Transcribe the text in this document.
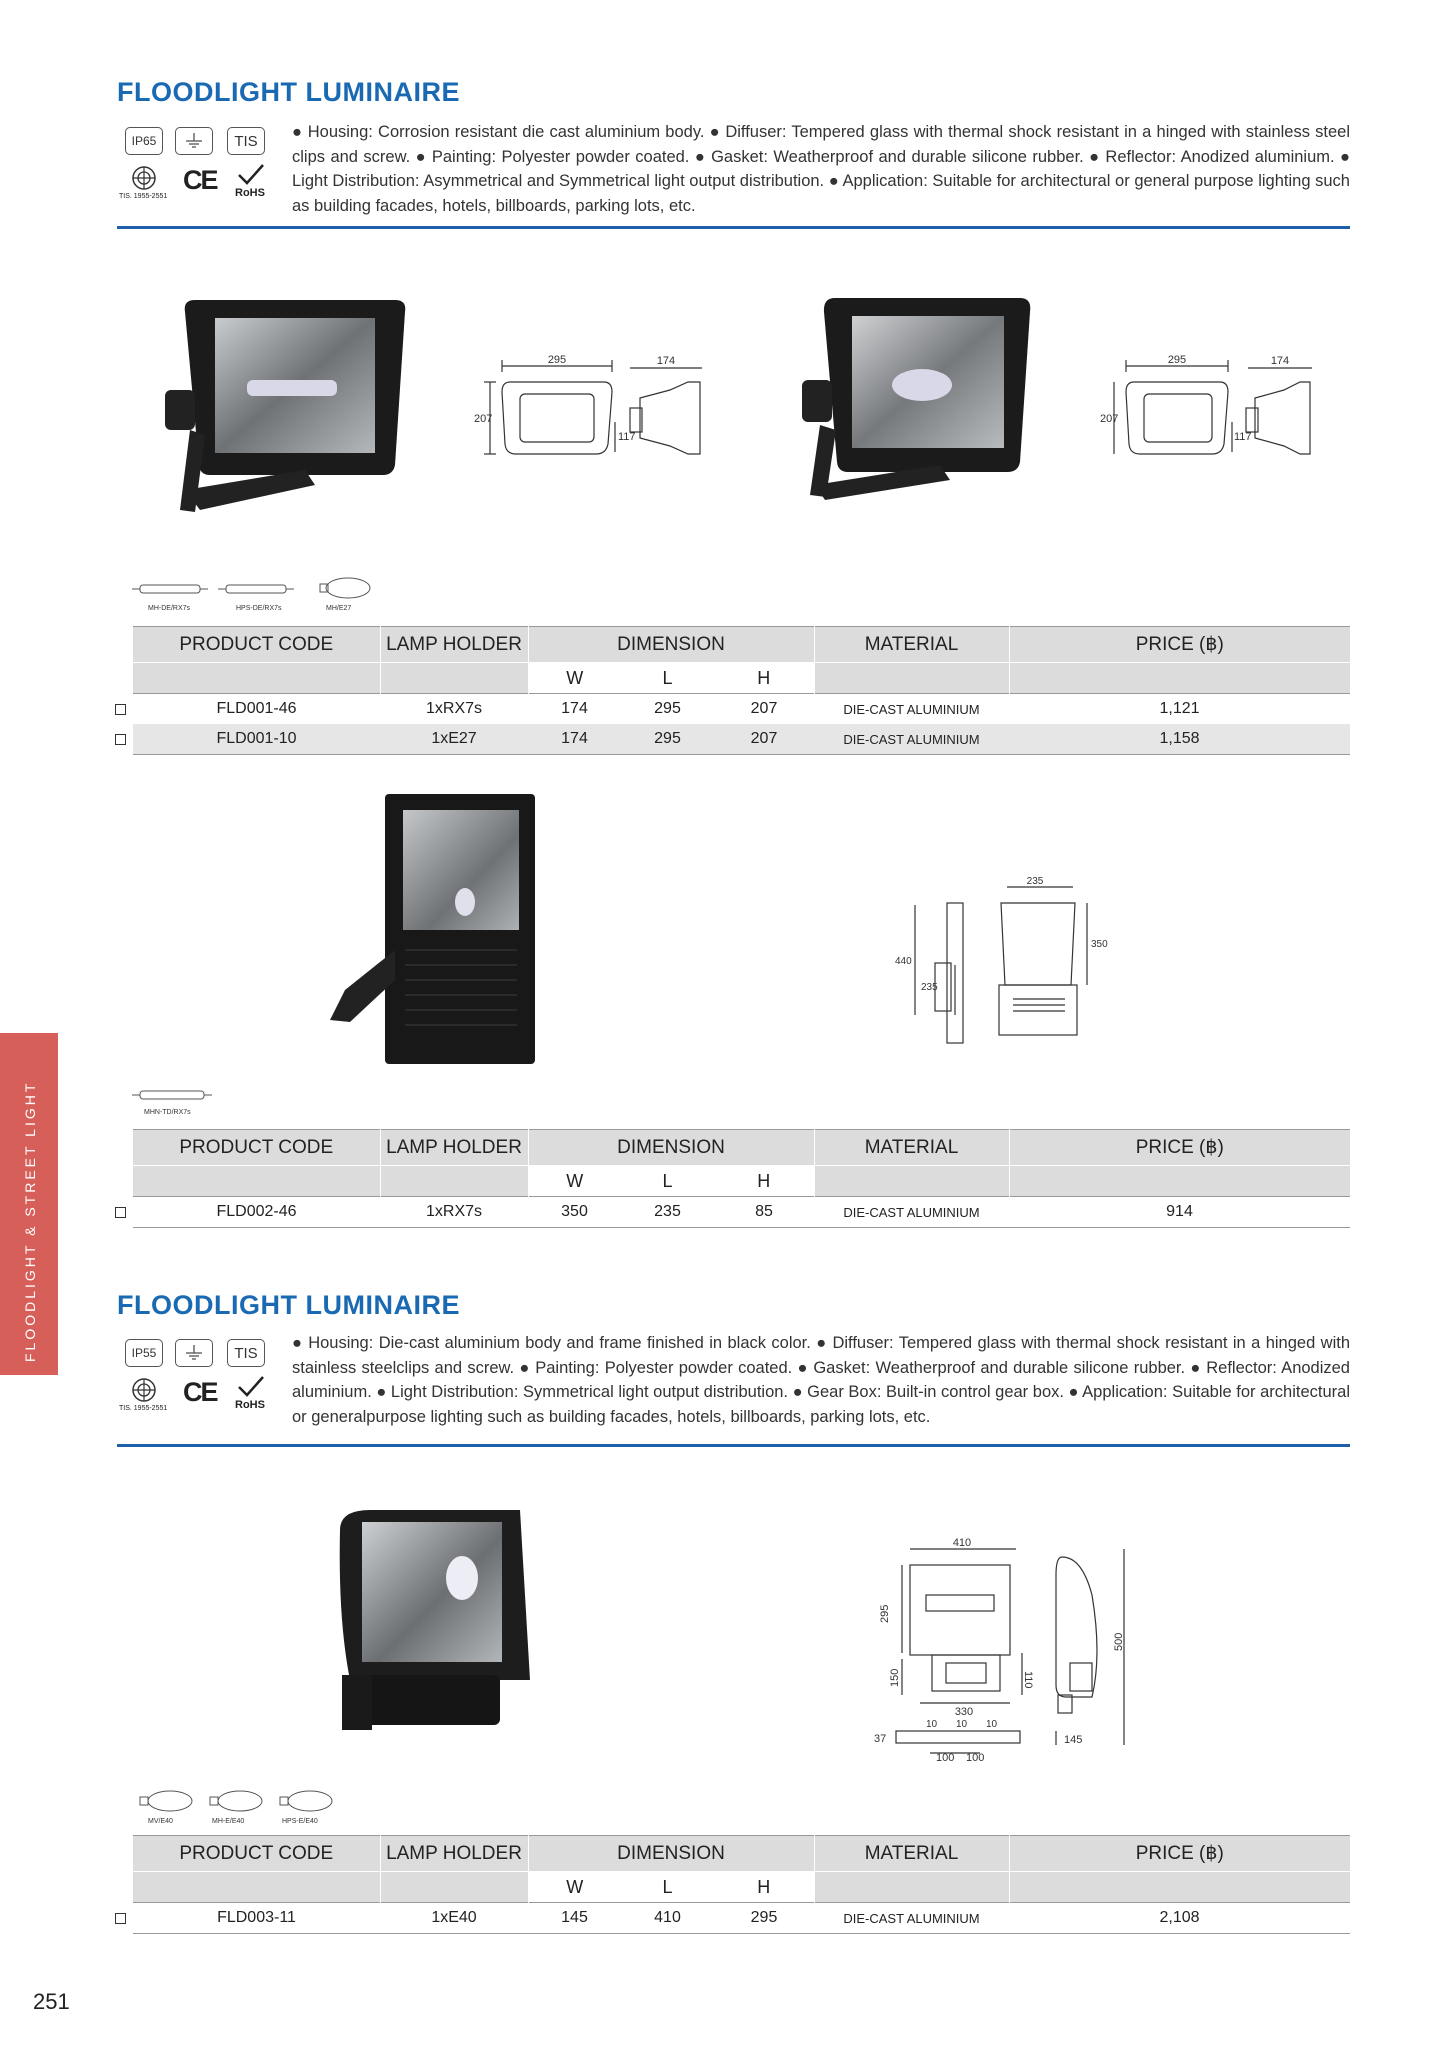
FLOODLIGHT & STREET LIGHT
FLOODLIGHT LUMINAIRE
IP65	TIS
TIS. 1955-2551
CE RoHS
● Housing: Corrosion resistant die cast aluminium body. ● Diffuser: Tempered glass with thermal shock resistant in a hinged with stainless steel clips and screw. ● Painting: Polyester powder coated. ● Gasket: Weatherproof and durable silicone rubber. ● Reflector: Anodized aluminium. ● Light Distribution: Asymmetrical and Symmetrical light output distribution. ● Application: Suitable for architectural or general purpose lighting such as building facades, hotels, billboards, parking lots, etc.
295	174
207
117
295	174
207
117
MH-DE/RX7s	HPS-DE/RX7s	MH/E27
PRODUCT CODE	LAMP HOLDER	DIMENSION			MATERIAL	PRICE (฿)
		W	L	H		
FLD001-46	1xRX7s	174	295	207	DIE-CAST ALUMINIUM	1,121
FLD001-10	1xE27	174	295	207	DIE-CAST ALUMINIUM	1,158
235
440
235
350
MHN-TD/RX7s
PRODUCT CODE	LAMP HOLDER	DIMENSION			MATERIAL	PRICE (฿)
		W	L	H		
FLD002-46	1xRX7s	350	235	85	DIE-CAST ALUMINIUM	914
FLOODLIGHT LUMINAIRE
IP55	TIS
TIS. 1955-2551
CE RoHS
● Housing: Die-cast aluminium body and frame finished in black color. ● Diffuser: Tempered glass with thermal shock resistant in a hinged with stainless steelclips and screw. ● Painting: Polyester powder coated. ● Gasket: Weatherproof and durable silicone rubber. ● Reflector: Anodized aluminium. ● Light Distribution: Symmetrical light output distribution. ● Gear Box: Built-in control gear box. ● Application: Suitable for architectural or generalpurpose lighting such as building facades, hotels, billboards, parking lots, etc.
410
295
150	110
330
10 10 10
37
100 100
500
145
MV/E40	MH-E/E40	HPS-E/E40
PRODUCT CODE	LAMP HOLDER	DIMENSION			MATERIAL	PRICE (฿)
		W	L	H		
FLD003-11	1xE40	145	410	295	DIE-CAST ALUMINIUM	2,108
251
